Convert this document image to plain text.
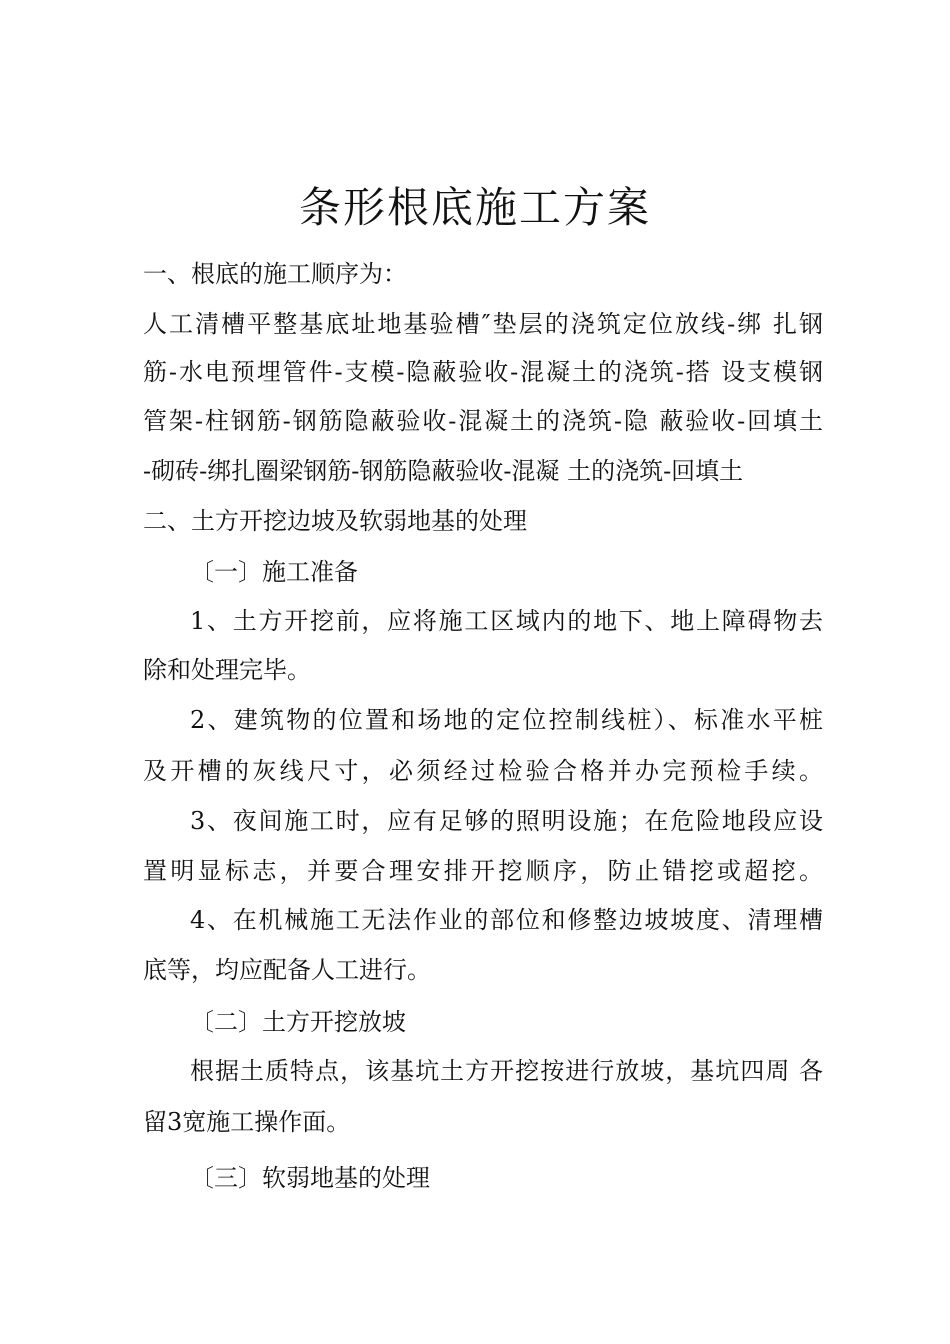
条形根底施工方案

一、根底的施工顺序为：

人工清槽平整基底址地基验槽″垫层的浇筑定位放线-绑 扎钢

筋-水电预埋管件-支模-隐蔽验收-混凝土的浇筑-搭 设支模钢

管架-柱钢筋-钢筋隐蔽验收-混凝土的浇筑-隐 蔽验收-回填土

-砌砖-绑扎圈梁钢筋-钢筋隐蔽验收-混凝 土的浇筑-回填土

二、土方开挖边坡及软弱地基的处理

〔一〕施工准备

1、土方开挖前，应将施工区域内的地下、地上障碍物去

除和处理完毕。

2、建筑物的位置和场地的定位控制线桩）、标准水平桩

及开槽的灰线尺寸，必须经过检验合格并办完预检手续。

3、夜间施工时，应有足够的照明设施；在危险地段应设

置明显标志，并要合理安排开挖顺序，防止错挖或超挖。

4、在机械施工无法作业的部位和修整边坡坡度、清理槽

底等，均应配备人工进行。

〔二〕土方开挖放坡

根据土质特点，该基坑土方开挖按进行放坡，基坑四周 各

留3宽施工操作面。

〔三〕软弱地基的处理
